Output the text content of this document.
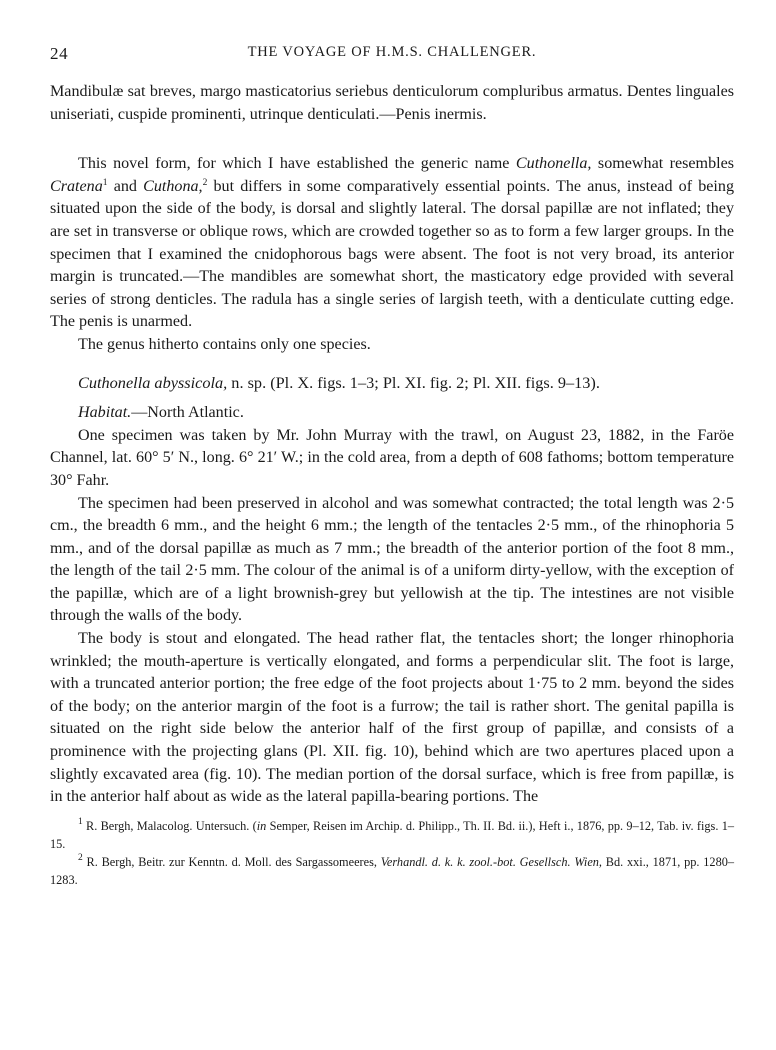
24	THE VOYAGE OF H.M.S. CHALLENGER.

Mandibulæ sat breves, margo masticatorius seriebus denticulorum compluribus armatus. Dentes linguales uniseriati, cuspide prominenti, utrinque denticulati.—Penis inermis.

This novel form, for which I have established the generic name Cuthonella, somewhat resembles Cratena$^1$ and Cuthona,$^2$ but differs in some comparatively essential points. The anus, instead of being situated upon the side of the body, is dorsal and slightly lateral. The dorsal papillæ are not inflated; they are set in transverse or oblique rows, which are crowded together so as to form a few larger groups. In the specimen that I examined the cnidophorous bags were absent. The foot is not very broad, its anterior margin is truncated.—The mandibles are somewhat short, the masticatory edge provided with several series of strong denticles. The radula has a single series of largish teeth, with a denticulate cutting edge. The penis is unarmed.

The genus hitherto contains only one species.

Cuthonella abyssicola, n. sp. (Pl. X. figs. 1–3; Pl. XI. fig. 2; Pl. XII. figs. 9–13).

Habitat.—North Atlantic.

One specimen was taken by Mr. John Murray with the trawl, on August 23, 1882, in the Faröe Channel, lat. 60° 5′ N., long. 6° 21′ W.; in the cold area, from a depth of 608 fathoms; bottom temperature 30° Fahr.

The specimen had been preserved in alcohol and was somewhat contracted; the total length was 2·5 cm., the breadth 6 mm., and the height 6 mm.; the length of the tentacles 2·5 mm., of the rhinophoria 5 mm., and of the dorsal papillæ as much as 7 mm.; the breadth of the anterior portion of the foot 8 mm., the length of the tail 2·5 mm. The colour of the animal is of a uniform dirty-yellow, with the exception of the papillæ, which are of a light brownish-grey but yellowish at the tip. The intestines are not visible through the walls of the body.

The body is stout and elongated. The head rather flat, the tentacles short; the longer rhinophoria wrinkled; the mouth-aperture is vertically elongated, and forms a perpendicular slit. The foot is large, with a truncated anterior portion; the free edge of the foot projects about 1·75 to 2 mm. beyond the sides of the body; on the anterior margin of the foot is a furrow; the tail is rather short. The genital papilla is situated on the right side below the anterior half of the first group of papillæ, and consists of a prominence with the projecting glans (Pl. XII. fig. 10), behind which are two apertures placed upon a slightly excavated area (fig. 10). The median portion of the dorsal surface, which is free from papillæ, is in the anterior half about as wide as the lateral papilla-bearing portions. The

$^1$ R. Bergh, Malacolog. Untersuch. (in Semper, Reisen im Archip. d. Philipp., Th. II. Bd. ii.), Heft i., 1876, pp. 9–12, Tab. iv. figs. 1–15.

$^2$ R. Bergh, Beitr. zur Kenntn. d. Moll. des Sargassomeeres, Verhandl. d. k. k. zool.-bot. Gesellsch. Wien, Bd. xxi., 1871, pp. 1280–1283.
